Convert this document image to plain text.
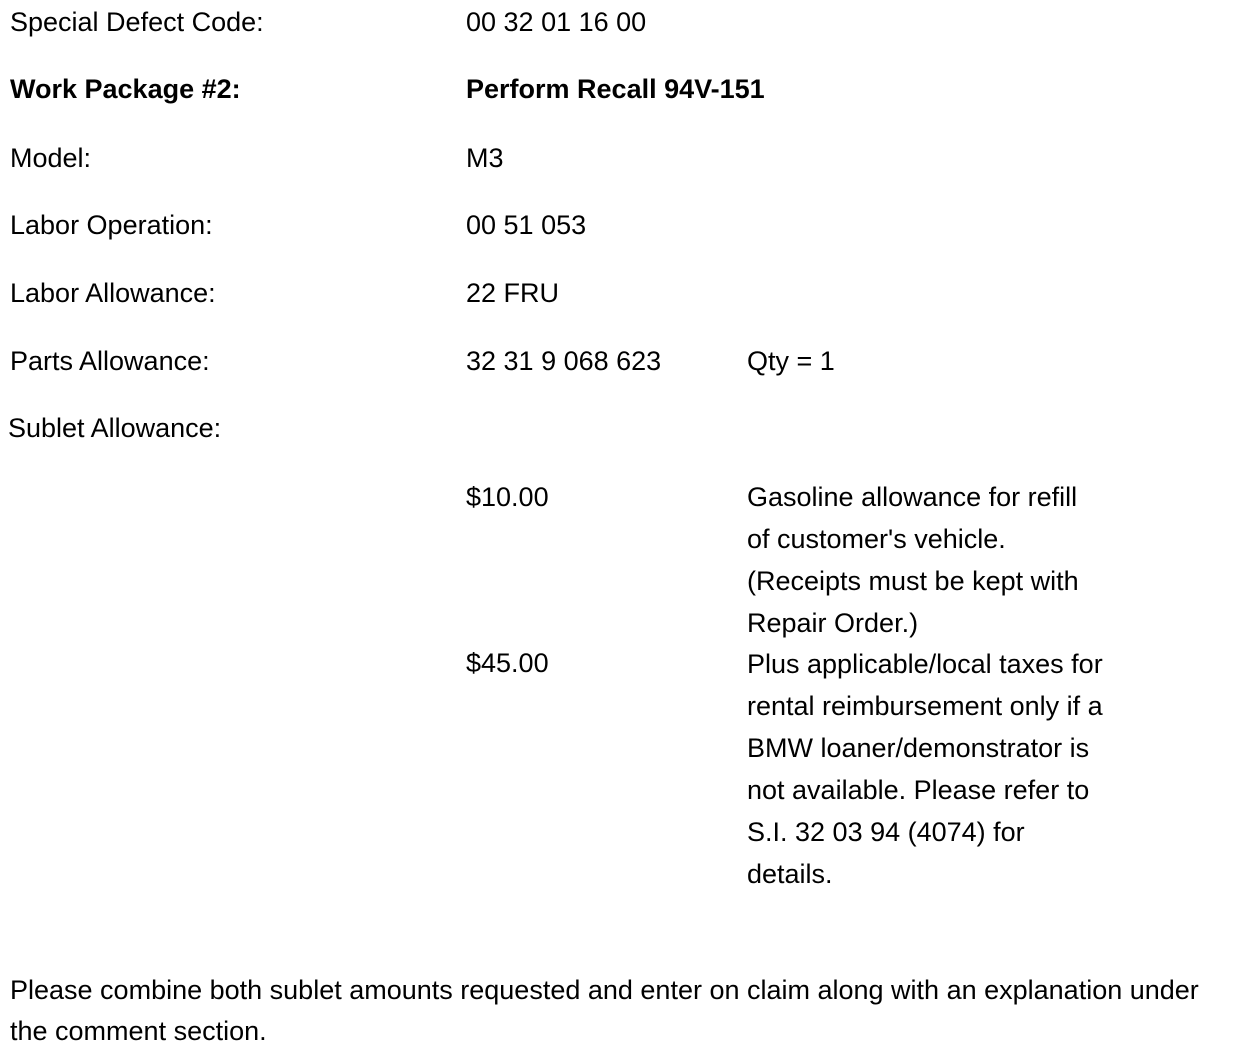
Special Defect Code:	00 32 01 16 00
Work Package #2:	Perform Recall 94V-151
Model:	M3
Labor Operation:	00 51 053
Labor Allowance:	22 FRU
Parts Allowance:	32 31 9 068 623	Qty = 1
Sublet Allowance:
$10.00	Gasoline allowance for refill of customer's vehicle. (Receipts must be kept with Repair Order.)
$45.00	Plus applicable/local taxes for rental reimbursement only if a BMW loaner/demonstrator is not available. Please refer to S.I. 32 03 94 (4074) for details.
Please combine both sublet amounts requested and enter on claim along with an explanation under the comment section.
